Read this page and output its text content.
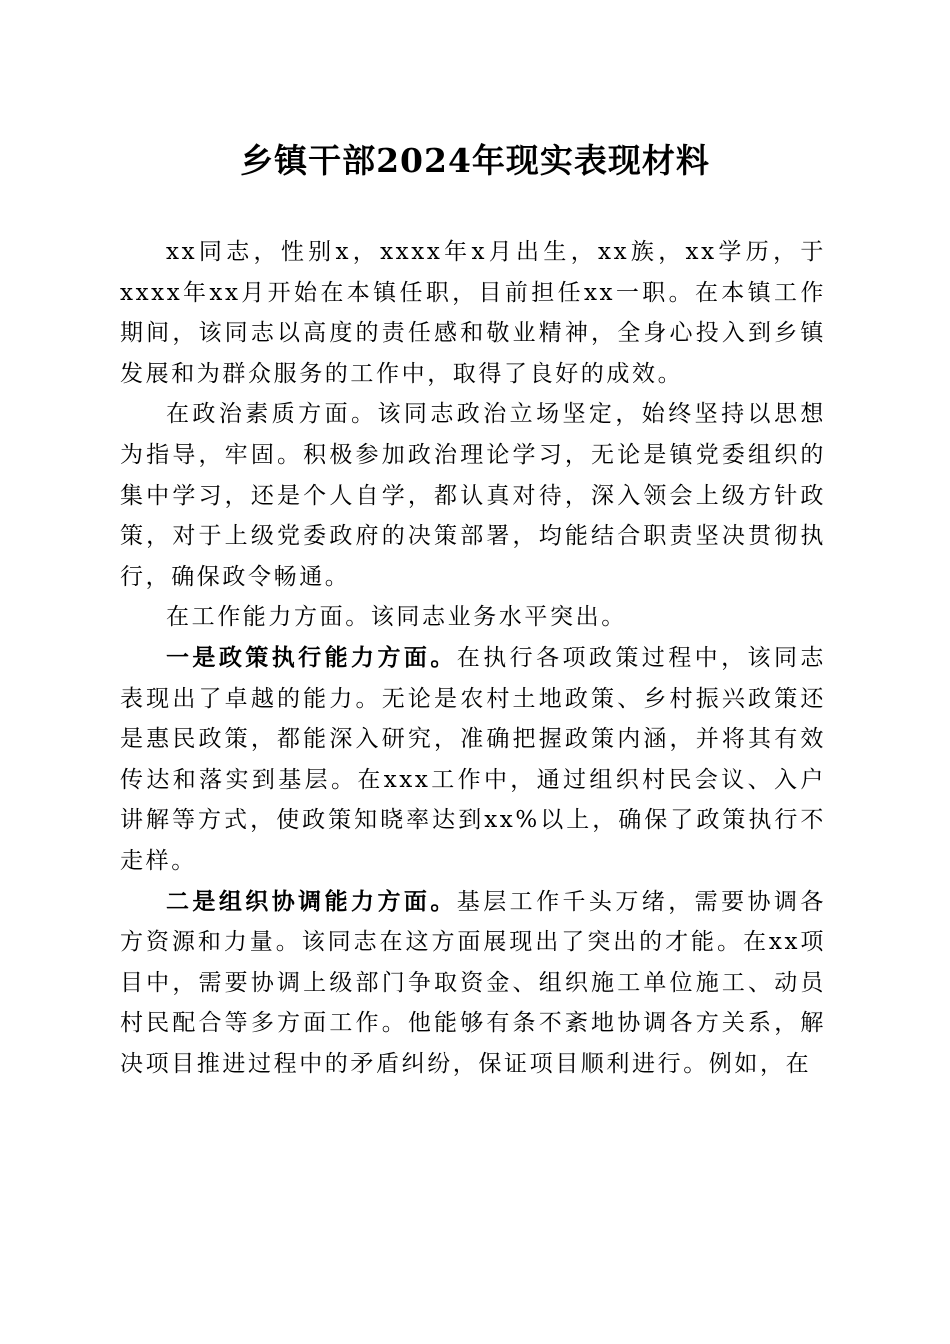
乡镇干部2024年现实表现材料

xx同志，性别x，xxxx年x月出生，xx族，xx学历，于xxxx年xx月开始在本镇任职，目前担任xx一职。在本镇工作期间，该同志以高度的责任感和敬业精神，全身心投入到乡镇发展和为群众服务的工作中，取得了良好的成效。

在政治素质方面。该同志政治立场坚定，始终坚持以思想为指导，牢固。积极参加政治理论学习，无论是镇党委组织的集中学习，还是个人自学，都认真对待，深入领会上级方针政策，对于上级党委政府的决策部署，均能结合职责坚决贯彻执行，确保政令畅通。

在工作能力方面。该同志业务水平突出。

一是政策执行能力方面。在执行各项政策过程中，该同志表现出了卓越的能力。无论是农村土地政策、乡村振兴政策还是惠民政策，都能深入研究，准确把握政策内涵，并将其有效传达和落实到基层。在xxx工作中，通过组织村民会议、入户讲解等方式，使政策知晓率达到xx%以上，确保了政策执行不走样。

二是组织协调能力方面。基层工作千头万绪，需要协调各方资源和力量。该同志在这方面展现出了突出的才能。在xx项目中，需要协调上级部门争取资金、组织施工单位施工、动员村民配合等多方面工作。他能够有条不紊地协调各方关系，解决项目推进过程中的矛盾纠纷，保证项目顺利进行。例如，在
